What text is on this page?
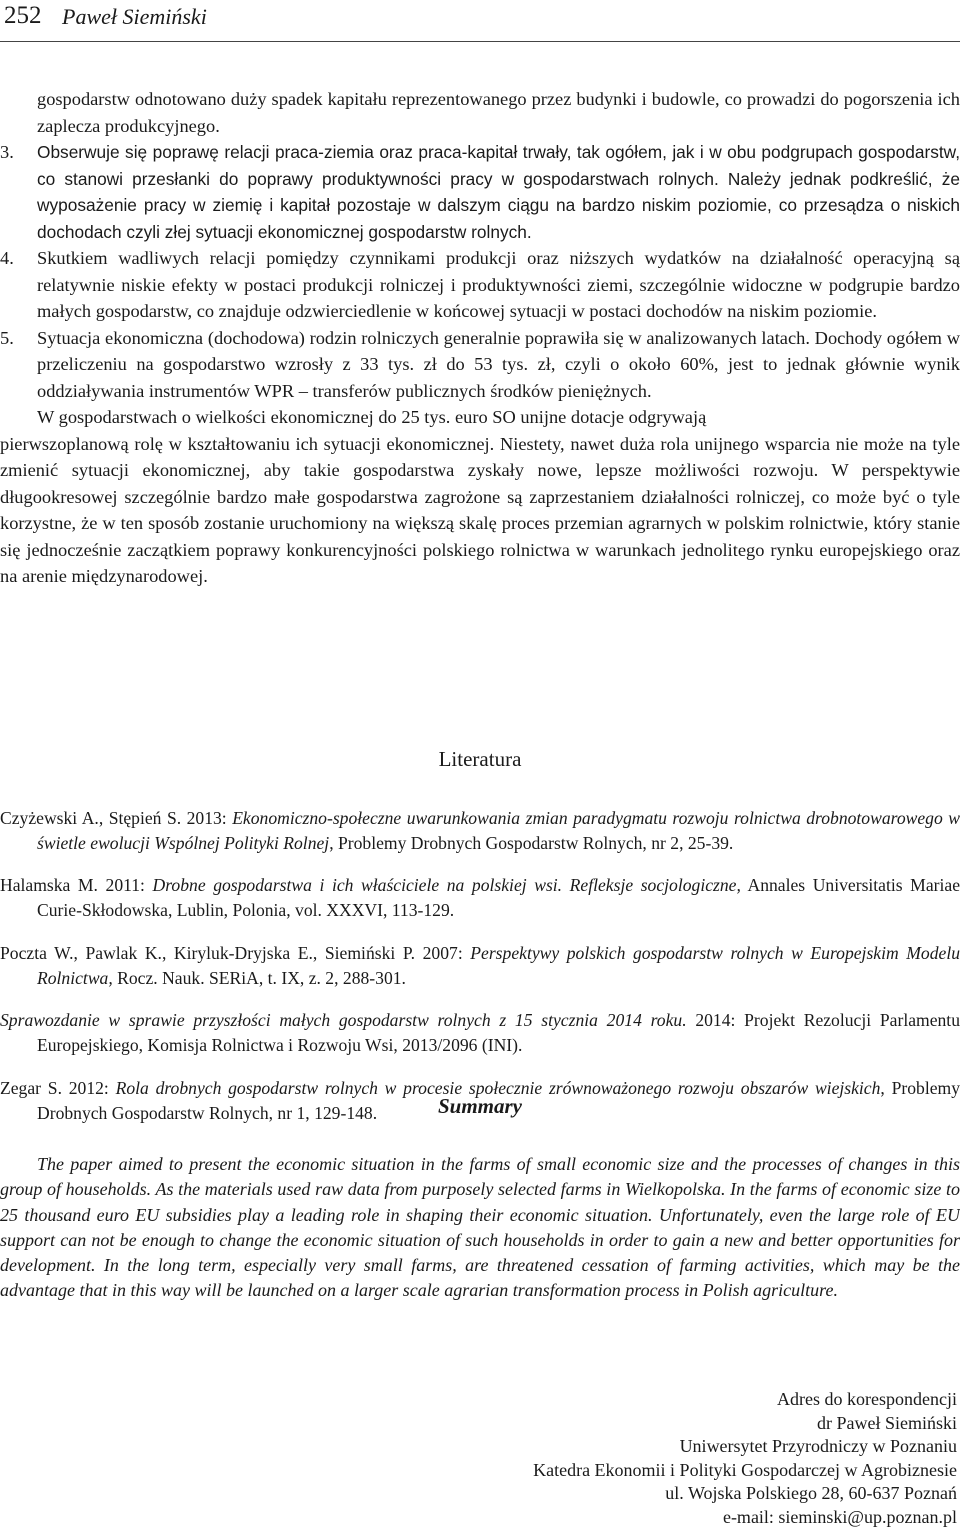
252 Paweł Siemiński

gospodarstw odnotowano duży spadek kapitału reprezentowanego przez budynki i budowle, co prowadzi do pogorszenia ich zaplecza produkcyjnego.

3.	Obserwuje się poprawę relacji praca-ziemia oraz praca-kapitał trwały, tak ogółem, jak i w obu podgrupach gospodarstw, co stanowi przesłanki do poprawy produktywności pracy w gospodarstwach rolnych. Należy jednak podkreślić, że wyposażenie pracy w ziemię i kapitał pozostaje w dalszym ciągu na bardzo niskim poziomie, co przesądza o niskich dochodach czyli złej sytuacji ekonomicznej gospodarstw rolnych.

4.	Skutkiem wadliwych relacji pomiędzy czynnikami produkcji oraz niższych wydatków na działalność operacyjną są relatywnie niskie efekty w postaci produkcji rolniczej i produktywności ziemi, szczególnie widoczne w podgrupie bardzo małych gospodarstw, co znajduje odzwierciedlenie w końcowej sytuacji w postaci dochodów na niskim poziomie.

5.	Sytuacja ekonomiczna (dochodowa) rodzin rolniczych generalnie poprawiła się w analizowanych latach. Dochody ogółem w przeliczeniu na gospodarstwo wzrosły z 33 tys. zł do 53 tys. zł, czyli o około 60%, jest to jednak głównie wynik oddziaływania instrumentów WPR – transferów publicznych środków pieniężnych.

W gospodarstwach o wielkości ekonomicznej do 25 tys. euro SO unijne dotacje odgrywają

pierwszoplanową rolę w kształtowaniu ich sytuacji ekonomicznej. Niestety, nawet duża rola unijnego wsparcia nie może na tyle zmienić sytuacji ekonomicznej, aby takie gospodarstwa zyskały nowe, lepsze możliwości rozwoju. W perspektywie długookresowej szczególnie bardzo małe gospodarstwa zagrożone są zaprzestaniem działalności rolniczej, co może być o tyle korzystne, że w ten sposób zostanie uruchomiony na większą skalę proces przemian agrarnych w polskim rolnictwie, który stanie się jednocześnie zaczątkiem poprawy konkurencyjności polskiego rolnictwa w warunkach jednolitego rynku europejskiego oraz na arenie międzynarodowej.

Literatura

Czyżewski A., Stępień S. 2013: Ekonomiczno-społeczne uwarunkowania zmian paradygmatu rozwoju rolnictwa drobnotowarowego w świetle ewolucji Wspólnej Polityki Rolnej, Problemy Drobnych Gospodarstw Rolnych, nr 2, 25-39.

Halamska M. 2011: Drobne gospodarstwa i ich właściciele na polskiej wsi. Refleksje socjologiczne, Annales Universitatis Mariae Curie-Skłodowska, Lublin, Polonia, vol. XXXVI, 113-129.

Poczta W., Pawlak K., Kiryluk-Dryjska E., Siemiński P. 2007: Perspektywy polskich gospodarstw rolnych w Europejskim Modelu Rolnictwa, Rocz. Nauk. SERiA, t. IX, z. 2, 288-301.

Sprawozdanie w sprawie przyszłości małych gospodarstw rolnych z 15 stycznia 2014 roku. 2014: Projekt Rezolucji Parlamentu Europejskiego, Komisja Rolnictwa i Rozwoju Wsi, 2013/2096 (INI).

Zegar S. 2012: Rola drobnych gospodarstw rolnych w procesie społecznie zrównoważonego rozwoju obszarów wiejskich, Problemy Drobnych Gospodarstw Rolnych, nr 1, 129-148.	Summary

The paper aimed to present the economic situation in the farms of small economic size and the processes of changes in this group of households. As the materials used raw data from purposely selected farms in Wielkopolska. In the farms of economic size to 25 thousand euro EU subsidies play a leading role in shaping their economic situation. Unfortunately, even the large role of EU support can not be enough to change the economic situation of such households in order to gain a new and better opportunities for development. In the long term, especially very small farms, are threatened cessation of farming activities, which may be the advantage that in this way will be launched on a larger scale agrarian transformation process in Polish agriculture.

Adres do korespondencji
dr Paweł Siemiński
Uniwersytet Przyrodniczy w Poznaniu
Katedra Ekonomii i Polityki Gospodarczej w Agrobiznesie
ul. Wojska Polskiego 28, 60-637 Poznań
e-mail: sieminski@up.poznan.pl
